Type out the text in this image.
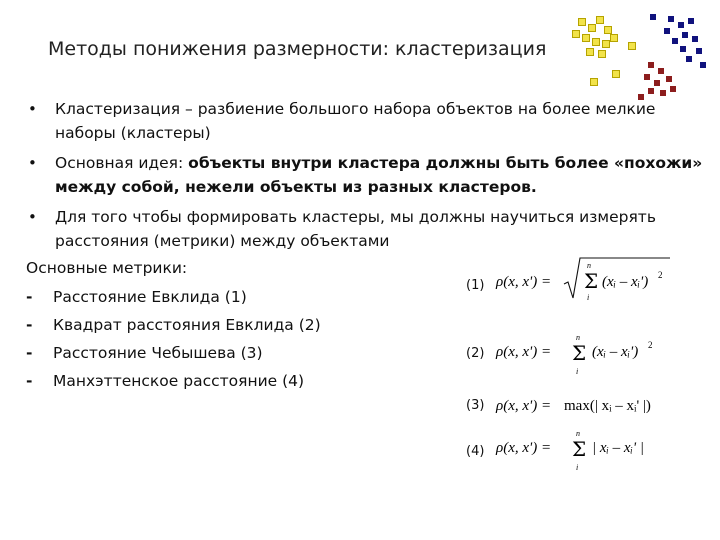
Методы понижения размерности: кластеризация
• Кластеризация – разбиение большого набора объектов на более мелкие наборы (кластеры)
• Основная идея: объекты внутри кластера должны быть более «похожи» между собой, нежели объекты из разных кластеров.
• Для того чтобы формировать кластеры, мы должны научиться измерять расстояния (метрики) между объектами
Основные метрики:
- Расстояние Евклида (1)
- Квадрат расстояния Евклида (2)
- Расстояние Чебышева (3)
- Манхэттенское расстояние (4)
(1)
(2)
(3)
(4)
ρ(x, x') =
n
Σ
i
(xᵢ – xᵢ') 2
ρ(x, x') =
n
Σ
i
(xᵢ – xᵢ') 2
ρ(x, x') = max(| xᵢ – xᵢ' |)
ρ(x, x') =
n
Σ
i
| xᵢ – xᵢ' |
